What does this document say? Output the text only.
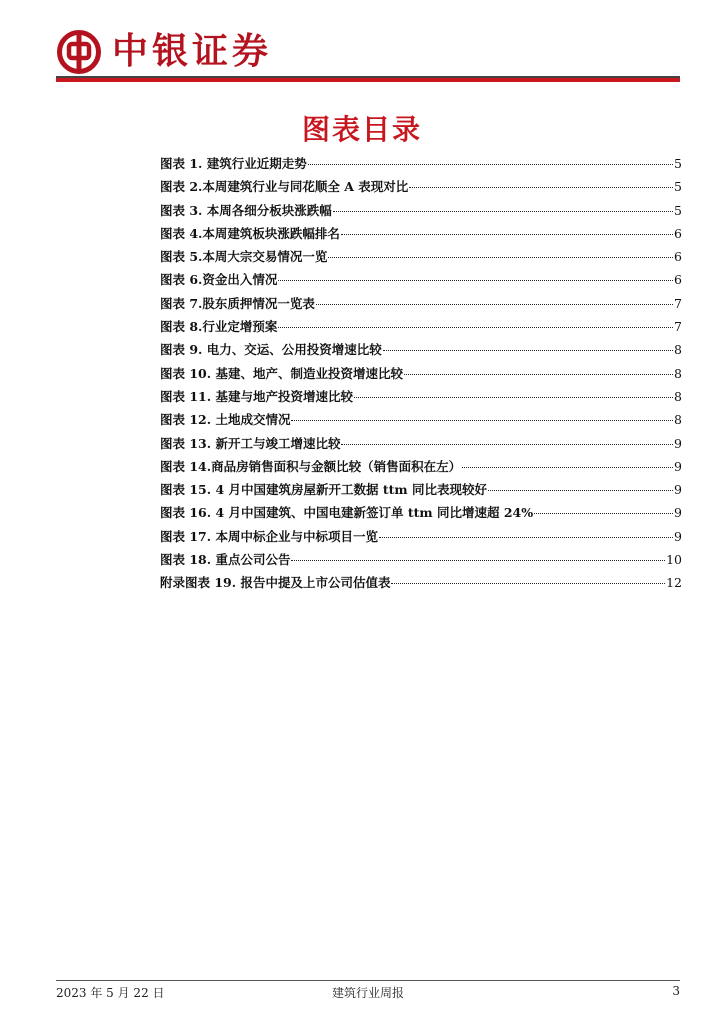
中银证券
图表目录
图表 1. 建筑行业近期走势	5
图表 2.本周建筑行业与同花顺全 A 表现对比	5
图表 3. 本周各细分板块涨跌幅	5
图表 4.本周建筑板块涨跌幅排名	6
图表 5.本周大宗交易情况一览	6
图表 6.资金出入情况	6
图表 7.股东质押情况一览表	7
图表 8.行业定增预案	7
图表 9. 电力、交运、公用投资增速比较	8
图表 10. 基建、地产、制造业投资增速比较	8
图表 11. 基建与地产投资增速比较	8
图表 12. 土地成交情况	8
图表 13. 新开工与竣工增速比较	9
图表 14.商品房销售面积与金额比较（销售面积在左）	9
图表 15. 4 月中国建筑房屋新开工数据 ttm 同比表现较好	9
图表 16. 4 月中国建筑、中国电建新签订单 ttm 同比增速超 24%	9
图表 17. 本周中标企业与中标项目一览	9
图表 18. 重点公司公告	10
附录图表 19. 报告中提及上市公司估值表	12
2023 年 5 月 22 日	建筑行业周报	3
